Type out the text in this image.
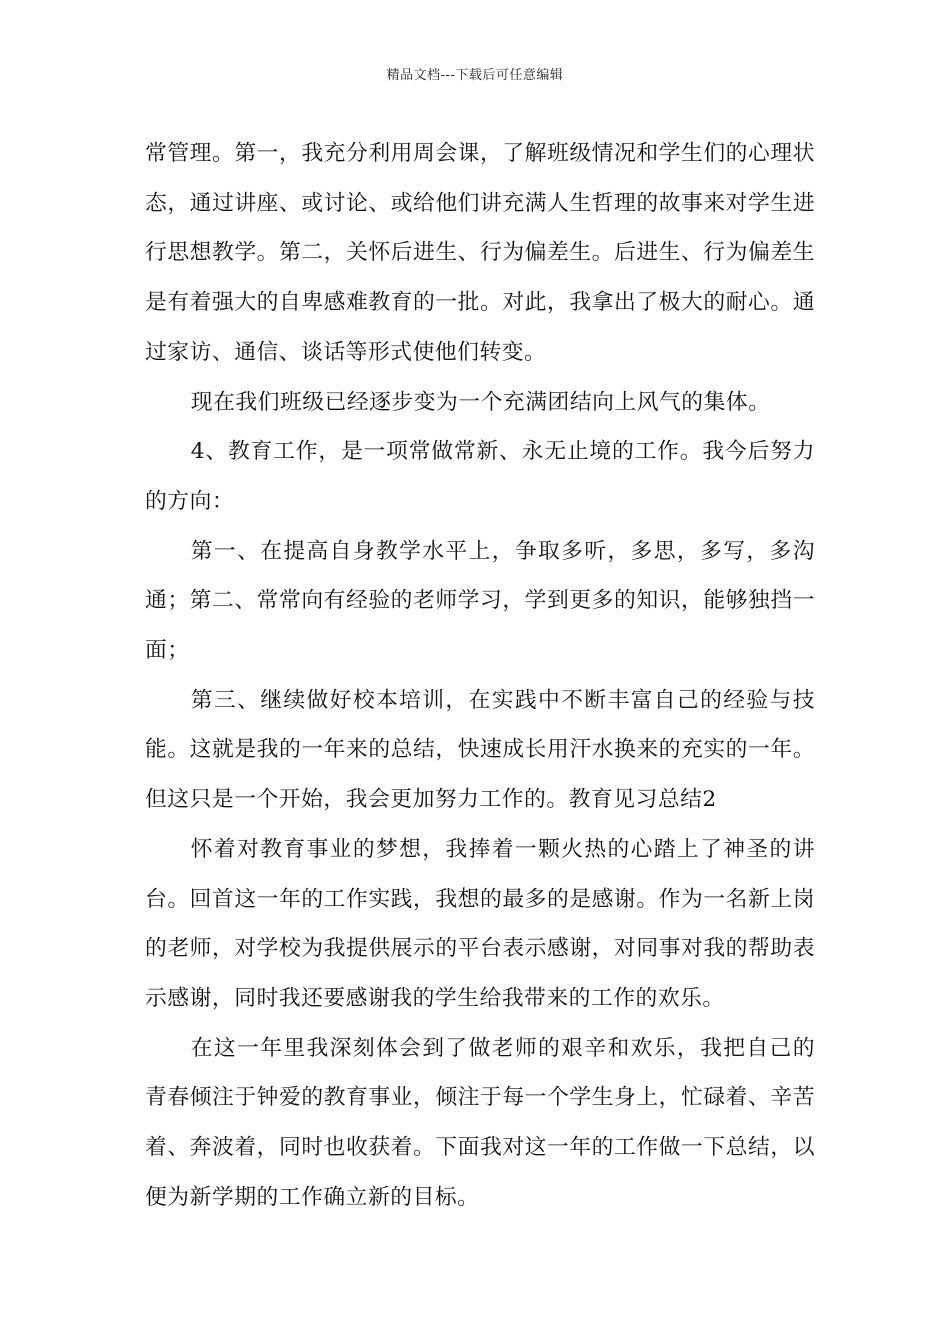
精品文档---下载后可任意编辑

常管理。第一，我充分利用周会课，了解班级情况和学生们的心理状态，通过讲座、或讨论、或给他们讲充满人生哲理的故事来对学生进行思想教学。第二，关怀后进生、行为偏差生。后进生、行为偏差生是有着强大的自卑感难教育的一批。对此，我拿出了极大的耐心。通过家访、通信、谈话等形式使他们转变。

现在我们班级已经逐步变为一个充满团结向上风气的集体。

4、教育工作，是一项常做常新、永无止境的工作。我今后努力的方向：

第一、在提高自身教学水平上，争取多听，多思，多写，多沟通；第二、常常向有经验的老师学习，学到更多的知识，能够独挡一面；

第三、继续做好校本培训，在实践中不断丰富自己的经验与技能。这就是我的一年来的总结，快速成长用汗水换来的充实的一年。但这只是一个开始，我会更加努力工作的。教育见习总结2

怀着对教育事业的梦想，我捧着一颗火热的心踏上了神圣的讲台。回首这一年的工作实践，我想的最多的是感谢。作为一名新上岗的老师，对学校为我提供展示的平台表示感谢，对同事对我的帮助表示感谢，同时我还要感谢我的学生给我带来的工作的欢乐。

在这一年里我深刻体会到了做老师的艰辛和欢乐，我把自己的青春倾注于钟爱的教育事业，倾注于每一个学生身上，忙碌着、辛苦着、奔波着，同时也收获着。下面我对这一年的工作做一下总结，以便为新学期的工作确立新的目标。
